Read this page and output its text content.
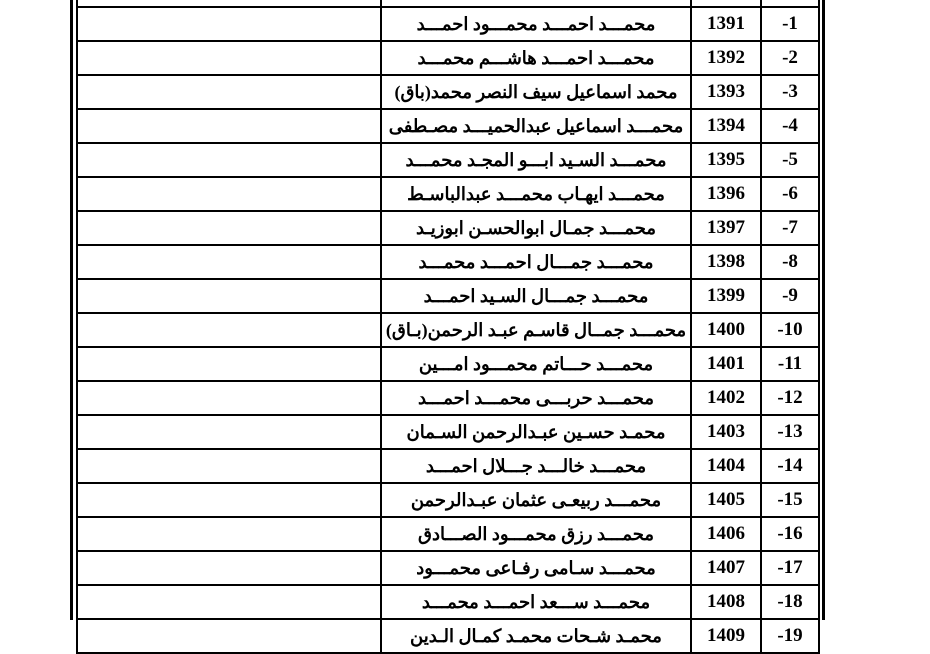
1-	1391	محمـــد احمـــد محمـــود احمـــد	
2-	1392	محمـــد احمـــد هاشـــم محمـــد	
3-	1393	محمد اسماعيل سيف النصر محمد(باق)	
4-	1394	محمـــد اسماعيل عبدالحميـــد مصـطفى	
5-	1395	محمـــد السـيد ابـــو المجـد محمـــد	
6-	1396	محمـــد ايهـاب محمـــد عبدالباسـط	
7-	1397	محمـــد جمـال ابوالحسـن ابوزيـد	
8-	1398	محمـــد جمـــال احمـــد محمـــد	
9-	1399	محمـــد جمـــال السـيد احمـــد	
10-	1400	محمـــد جمــال قاسـم عبـد الرحمن(بـاق)	
11-	1401	محمـــد حـــاتم محمـــود امـــين	
12-	1402	محمـــد حربـــى محمـــد احمـــد	
13-	1403	محمـد حسـين عبـدالرحمن السـمان	
14-	1404	محمـــد خالـــد جـــلال احمـــد	
15-	1405	محمـــد ربيعـى عثمان عبـدالرحمن	
16-	1406	محمـــد رزق محمـــود الصـــادق	
17-	1407	محمـــد سـامى رفـاعى محمـــود	
18-	1408	محمـــد ســـعد احمـــد محمـــد	
19-	1409	محمـد شـحات محمـد كمـال الـدين	
